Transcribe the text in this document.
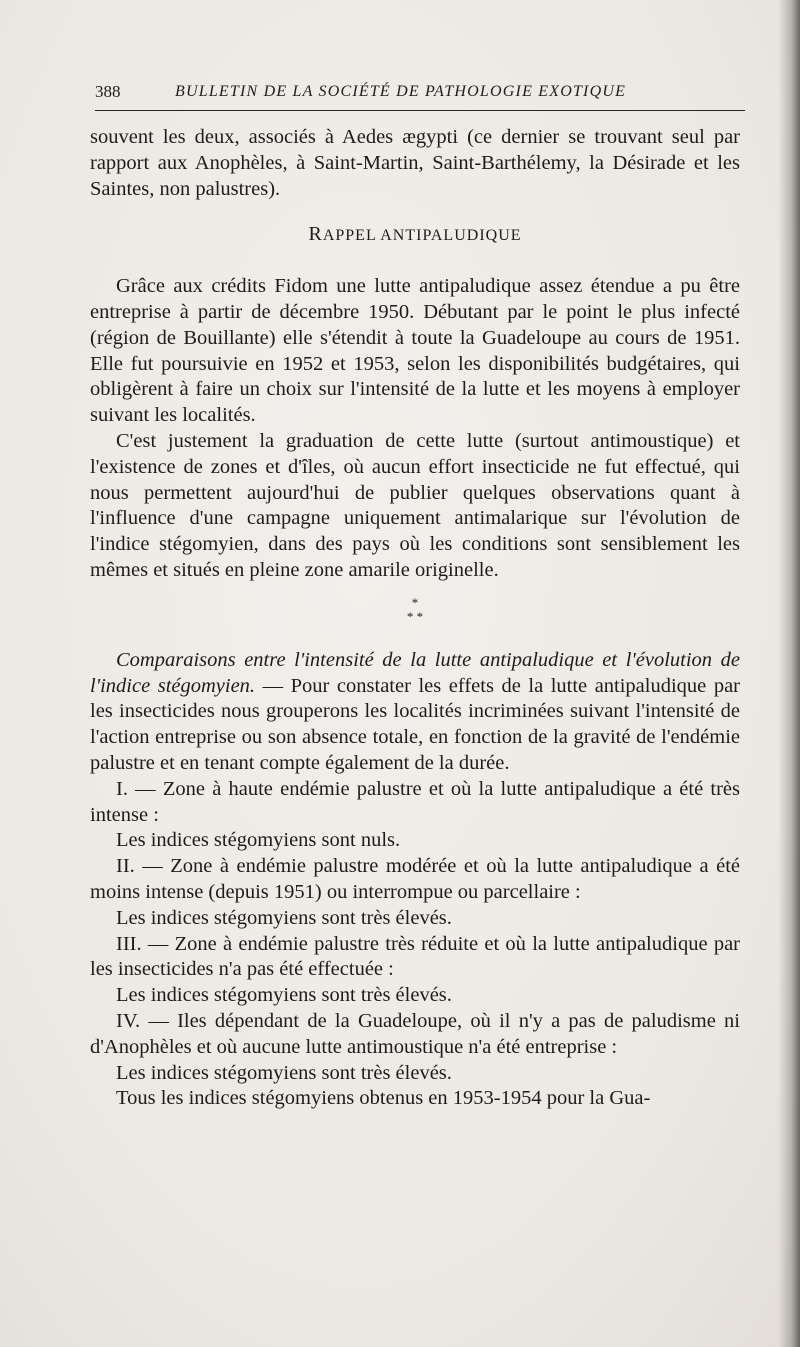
388	BULLETIN DE LA SOCIÉTÉ DE PATHOLOGIE EXOTIQUE

souvent les deux, associés à Aedes ægypti (ce dernier se trouvant seul par rapport aux Anophèles, à Saint-Martin, Saint-Barthélemy, la Désirade et les Saintes, non palustres).

RAPPEL ANTIPALUDIQUE

Grâce aux crédits Fidom une lutte antipaludique assez étendue a pu être entreprise à partir de décembre 1950. Débutant par le point le plus infecté (région de Bouillante) elle s'étendit à toute la Guadeloupe au cours de 1951. Elle fut poursuivie en 1952 et 1953, selon les disponibilités budgétaires, qui obligèrent à faire un choix sur l'intensité de la lutte et les moyens à employer suivant les localités.

C'est justement la graduation de cette lutte (surtout antimoustique) et l'existence de zones et d'îles, où aucun effort insecticide ne fut effectué, qui nous permettent aujourd'hui de publier quelques observations quant à l'influence d'une campagne uniquement antimalarique sur l'évolution de l'indice stégomyien, dans des pays où les conditions sont sensiblement les mêmes et situés en pleine zone amarile originelle.

*
* *

Comparaisons entre l'intensité de la lutte antipaludique et l'évolution de l'indice stégomyien. — Pour constater les effets de la lutte antipaludique par les insecticides nous grouperons les localités incriminées suivant l'intensité de l'action entreprise ou son absence totale, en fonction de la gravité de l'endémie palustre et en tenant compte également de la durée.

I. — Zone à haute endémie palustre et où la lutte antipaludique a été très intense :

Les indices stégomyiens sont nuls.

II. — Zone à endémie palustre modérée et où la lutte antipaludique a été moins intense (depuis 1951) ou interrompue ou parcellaire :

Les indices stégomyiens sont très élevés.

III. — Zone à endémie palustre très réduite et où la lutte antipaludique par les insecticides n'a pas été effectuée :

Les indices stégomyiens sont très élevés.

IV. — Iles dépendant de la Guadeloupe, où il n'y a pas de paludisme ni d'Anophèles et où aucune lutte antimoustique n'a été entreprise :

Les indices stégomyiens sont très élevés.

Tous les indices stégomyiens obtenus en 1953-1954 pour la Gua-
